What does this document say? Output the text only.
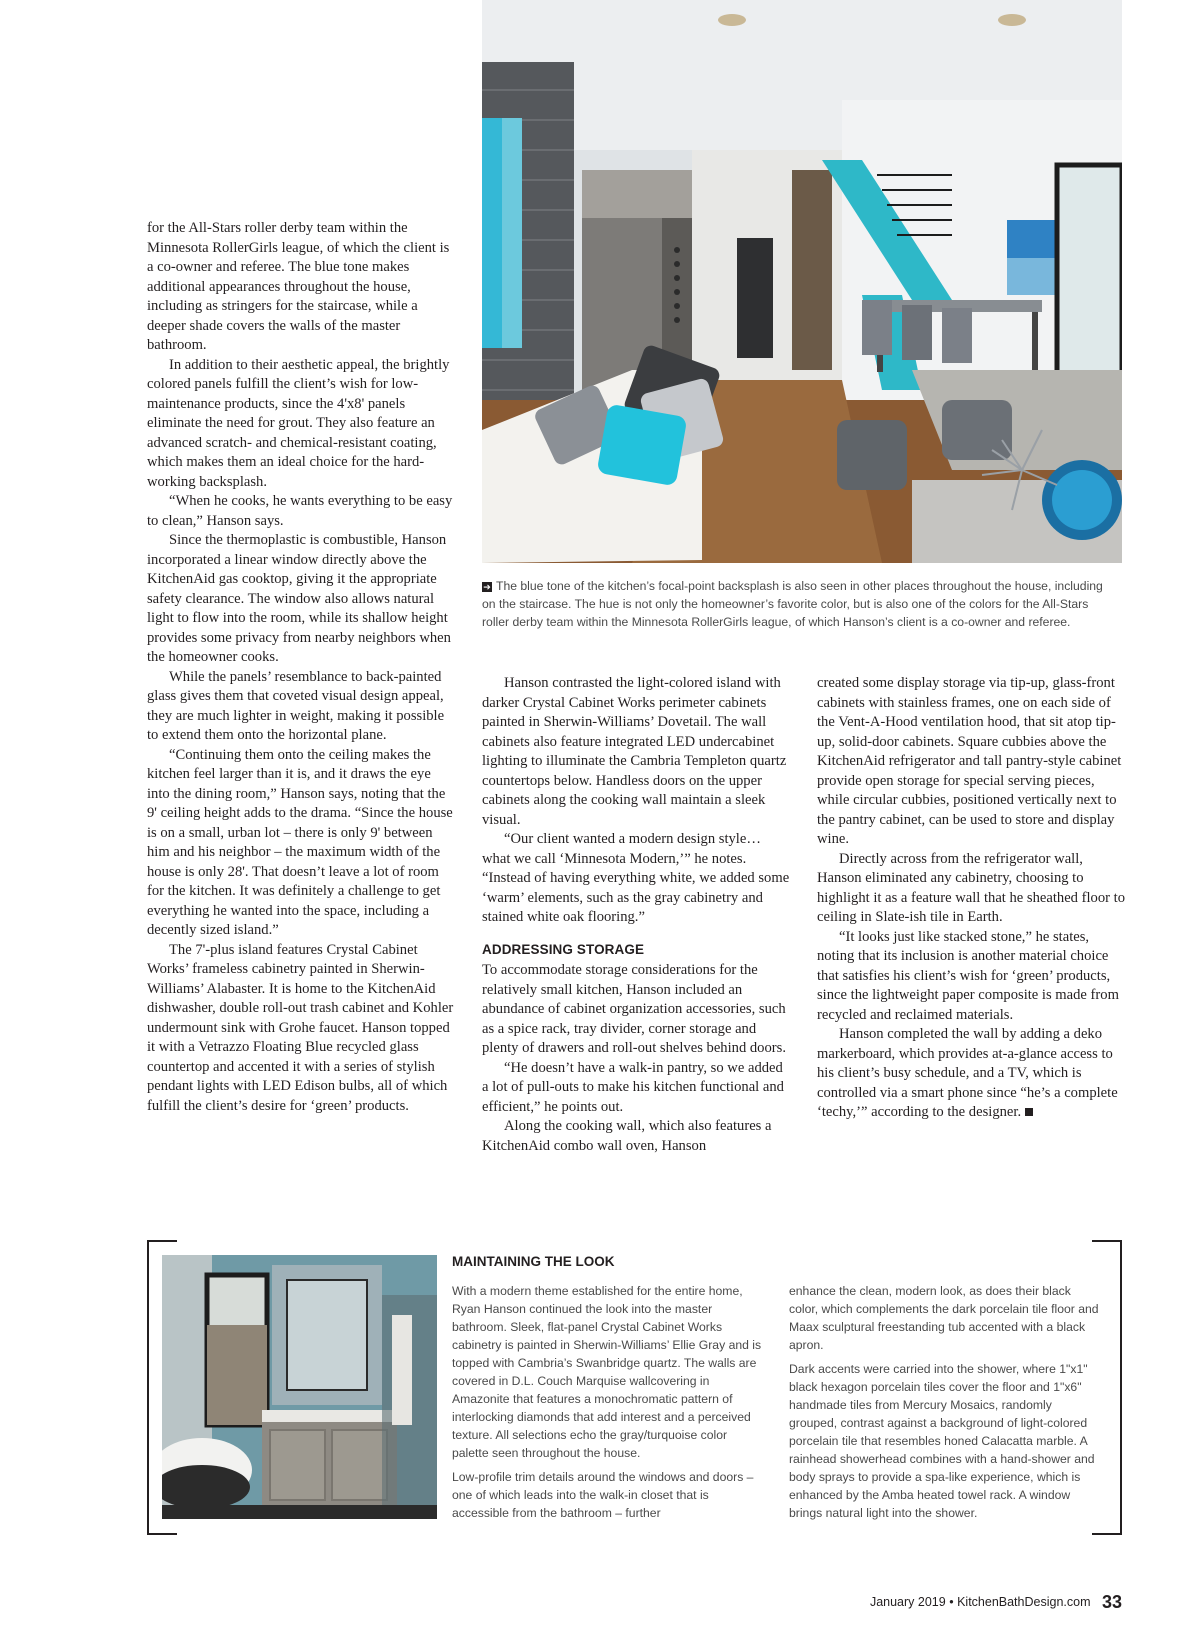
for the All-Stars roller derby team within the Minnesota RollerGirls league, of which the client is a co-owner and referee. The blue tone makes additional appearances throughout the house, including as stringers for the staircase, while a deeper shade covers the walls of the master bathroom.

In addition to their aesthetic appeal, the brightly colored panels fulfill the client’s wish for low-maintenance products, since the 4'x8' panels eliminate the need for grout. They also feature an advanced scratch- and chemical-resistant coating, which makes them an ideal choice for the hard-working backsplash.

“When he cooks, he wants everything to be easy to clean,” Hanson says.

Since the thermoplastic is combustible, Hanson incorporated a linear window directly above the KitchenAid gas cooktop, giving it the appropriate safety clearance. The window also allows natural light to flow into the room, while its shallow height provides some privacy from nearby neighbors when the homeowner cooks.

While the panels’ resemblance to back-painted glass gives them that coveted visual design appeal, they are much lighter in weight, making it possible to extend them onto the horizontal plane.

“Continuing them onto the ceiling makes the kitchen feel larger than it is, and it draws the eye into the dining room,” Hanson says, noting that the 9' ceiling height adds to the drama. “Since the house is on a small, urban lot – there is only 9' between him and his neighbor – the maximum width of the house is only 28'. That doesn’t leave a lot of room for the kitchen. It was definitely a challenge to get everything he wanted into the space, including a decently sized island.”

The 7'-plus island features Crystal Cabinet Works’ frameless cabinetry painted in Sherwin-Williams’ Alabaster. It is home to the KitchenAid dishwasher, double roll-out trash cabinet and Kohler undermount sink with Grohe faucet. Hanson topped it with a Vetrazzo Floating Blue recycled glass countertop and accented it with a series of stylish pendant lights with LED Edison bulbs, all of which fulfill the client’s desire for ‘green’ products.

➔ The blue tone of the kitchen’s focal-point backsplash is also seen in other places throughout the house, including on the staircase. The hue is not only the homeowner’s favorite color, but is also one of the colors for the All-Stars roller derby team within the Minnesota RollerGirls league, of which Hanson’s client is a co-owner and referee.

Hanson contrasted the light-colored island with darker Crystal Cabinet Works perimeter cabinets painted in Sherwin-Williams’ Dovetail. The wall cabinets also feature integrated LED undercabinet lighting to illuminate the Cambria Templeton quartz countertops below. Handless doors on the upper cabinets along the cooking wall maintain a sleek visual.

“Our client wanted a modern design style… what we call ‘Minnesota Modern,’” he notes. “Instead of having everything white, we added some ‘warm’ elements, such as the gray cabinetry and stained white oak flooring.”

ADDRESSING STORAGE

To accommodate storage considerations for the relatively small kitchen, Hanson included an abundance of cabinet organization accessories, such as a spice rack, tray divider, corner storage and plenty of drawers and roll-out shelves behind doors.

“He doesn’t have a walk-in pantry, so we added a lot of pull-outs to make his kitchen functional and efficient,” he points out.

Along the cooking wall, which also features a KitchenAid combo wall oven, Hanson

created some display storage via tip-up, glass-front cabinets with stainless frames, one on each side of the Vent-A-Hood ventilation hood, that sit atop tip-up, solid-door cabinets. Square cubbies above the KitchenAid refrigerator and tall pantry-style cabinet provide open storage for special serving pieces, while circular cubbies, positioned vertically next to the pantry cabinet, can be used to store and display wine.

Directly across from the refrigerator wall, Hanson eliminated any cabinetry, choosing to highlight it as a feature wall that he sheathed floor to ceiling in Slate-ish tile in Earth.

“It looks just like stacked stone,” he states, noting that its inclusion is another material choice that satisfies his client’s wish for ‘green’ products, since the lightweight paper composite is made from recycled and reclaimed materials.

Hanson completed the wall by adding a deko markerboard, which provides at-a-glance access to his client’s busy schedule, and a TV, which is controlled via a smart phone since “he’s a complete ‘techy,’” according to the designer.

MAINTAINING THE LOOK

With a modern theme established for the entire home, Ryan Hanson continued the look into the master bathroom. Sleek, flat-panel Crystal Cabinet Works cabinetry is painted in Sherwin-Williams’ Ellie Gray and is topped with Cambria’s Swanbridge quartz. The walls are covered in D.L. Couch Marquise wallcovering in Amazonite that features a monochromatic pattern of interlocking diamonds that add interest and a perceived texture. All selections echo the gray/turquoise color palette seen throughout the house.

Low-profile trim details around the windows and doors – one of which leads into the walk-in closet that is accessible from the bathroom – further

enhance the clean, modern look, as does their black color, which complements the dark porcelain tile floor and Maax sculptural freestanding tub accented with a black apron.

Dark accents were carried into the shower, where 1"x1" black hexagon porcelain tiles cover the floor and 1"x6" handmade tiles from Mercury Mosaics, randomly grouped, contrast against a background of light-colored porcelain tile that resembles honed Calacatta marble. A rainhead showerhead combines with a hand-shower and body sprays to provide a spa-like experience, which is enhanced by the Amba heated towel rack. A window brings natural light into the shower.

January 2019 • KitchenBathDesign.com 33
